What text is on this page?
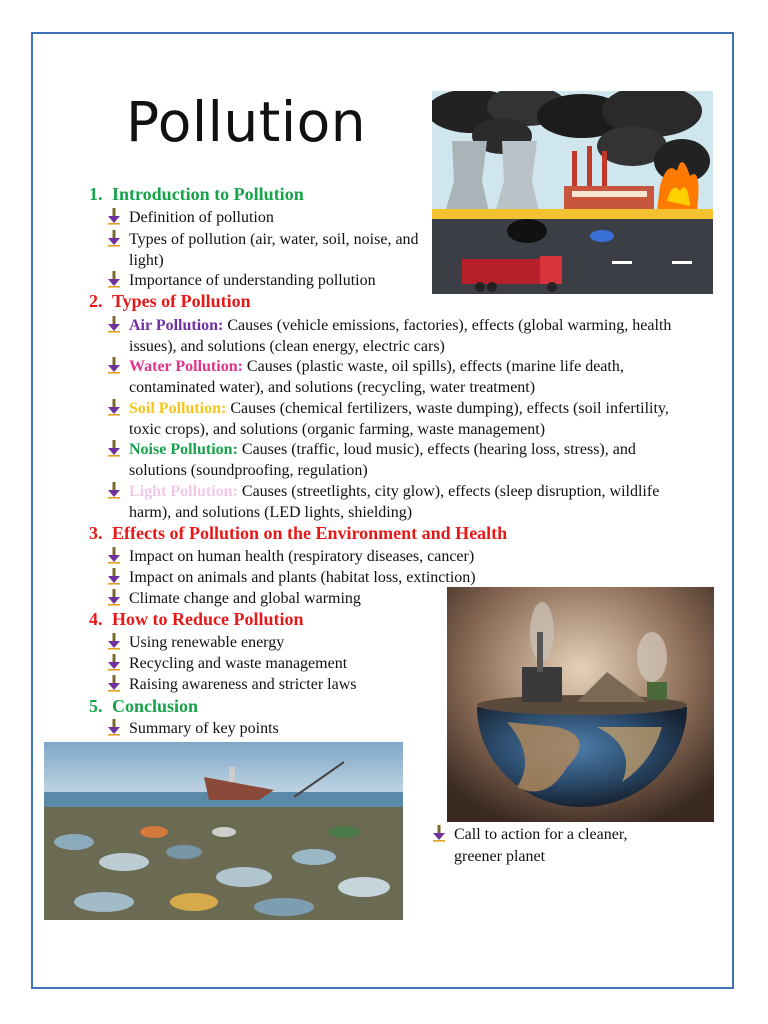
Pollution
1. Introduction to Pollution
Definition of pollution
Types of pollution (air, water, soil, noise, and light)
Importance of understanding pollution
2. Types of Pollution
Air Pollution: Causes (vehicle emissions, factories), effects (global warming, health issues), and solutions (clean energy, electric cars)
Water Pollution: Causes (plastic waste, oil spills), effects (marine life death, contaminated water), and solutions (recycling, water treatment)
Soil Pollution: Causes (chemical fertilizers, waste dumping), effects (soil infertility, toxic crops), and solutions (organic farming, waste management)
Noise Pollution: Causes (traffic, loud music), effects (hearing loss, stress), and solutions (soundproofing, regulation)
Light Pollution: Causes (streetlights, city glow), effects (sleep disruption, wildlife harm), and solutions (LED lights, shielding)
3. Effects of Pollution on the Environment and Health
Impact on human health (respiratory diseases, cancer)
Impact on animals and plants (habitat loss, extinction)
Climate change and global warming
4. How to Reduce Pollution
Using renewable energy
Recycling and waste management
Raising awareness and stricter laws
5. Conclusion
Summary of key points
Call to action for a cleaner, greener planet
